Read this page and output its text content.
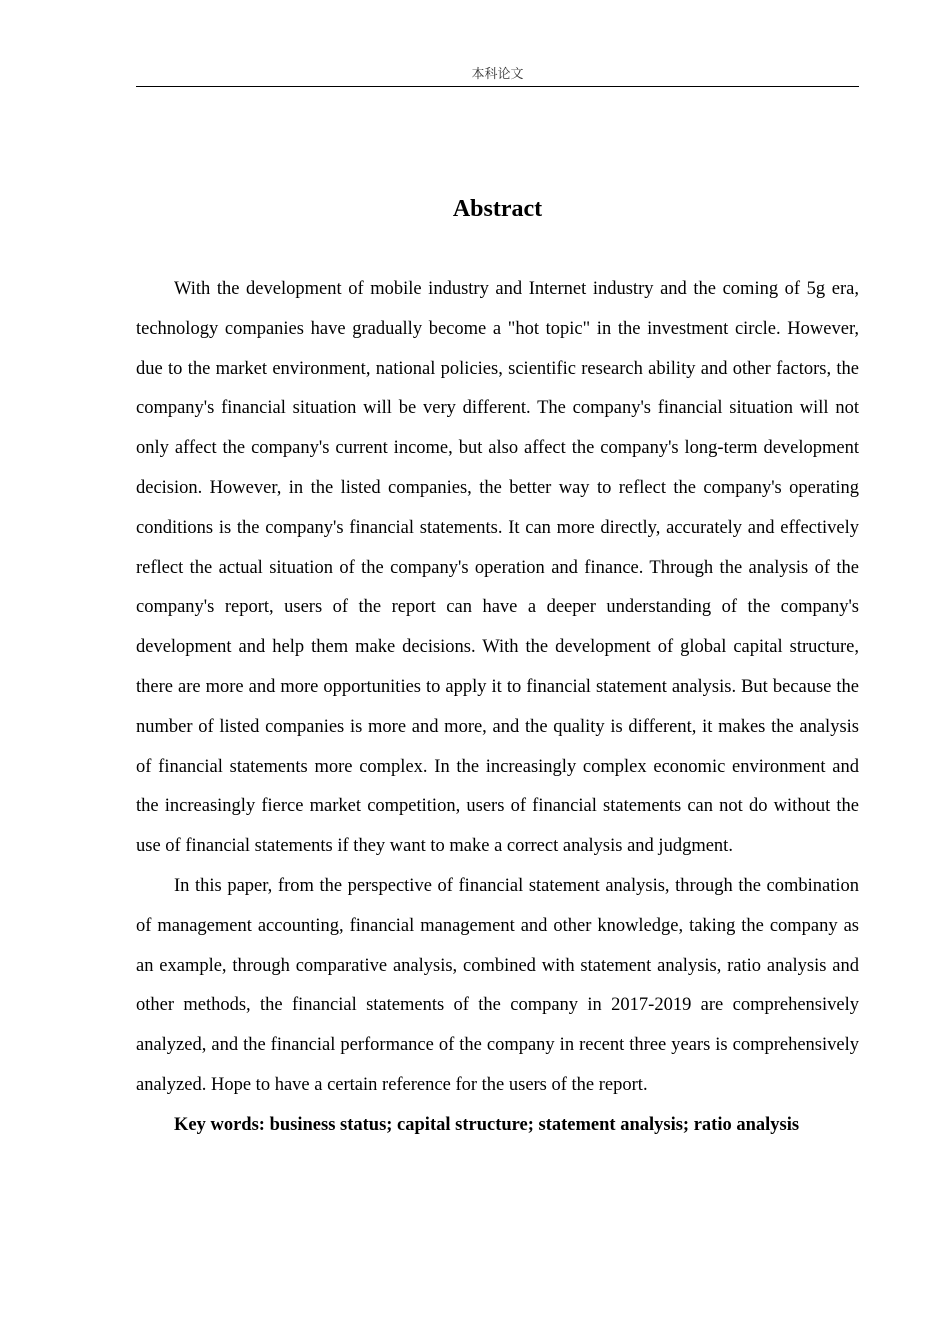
本科论文
Abstract

With the development of mobile industry and Internet industry and the coming of 5g era, technology companies have gradually become a "hot topic" in the investment circle. However, due to the market environment, national policies, scientific research ability and other factors, the company's financial situation will be very different. The company's financial situation will not only affect the company's current income, but also affect the company's long-term development decision. However, in the listed companies, the better way to reflect the company's operating conditions is the company's financial statements. It can more directly, accurately and effectively reflect the actual situation of the company's operation and finance. Through the analysis of the company's report, users of the report can have a deeper understanding of the company's development and help them make decisions. With the development of global capital structure, there are more and more opportunities to apply it to financial statement analysis. But because the number of listed companies is more and more, and the quality is different, it makes the analysis of financial statements more complex. In the increasingly complex economic environment and the increasingly fierce market competition, users of financial statements can not do without the use of financial statements if they want to make a correct analysis and judgment.

In this paper, from the perspective of financial statement analysis, through the combination of management accounting, financial management and other knowledge, taking the company as an example, through comparative analysis, combined with statement analysis, ratio analysis and other methods, the financial statements of the company in 2017-2019 are comprehensively analyzed, and the financial performance of the company in recent three years is comprehensively analyzed. Hope to have a certain reference for the users of the report.

Key words: business status; capital structure; statement analysis; ratio analysis
